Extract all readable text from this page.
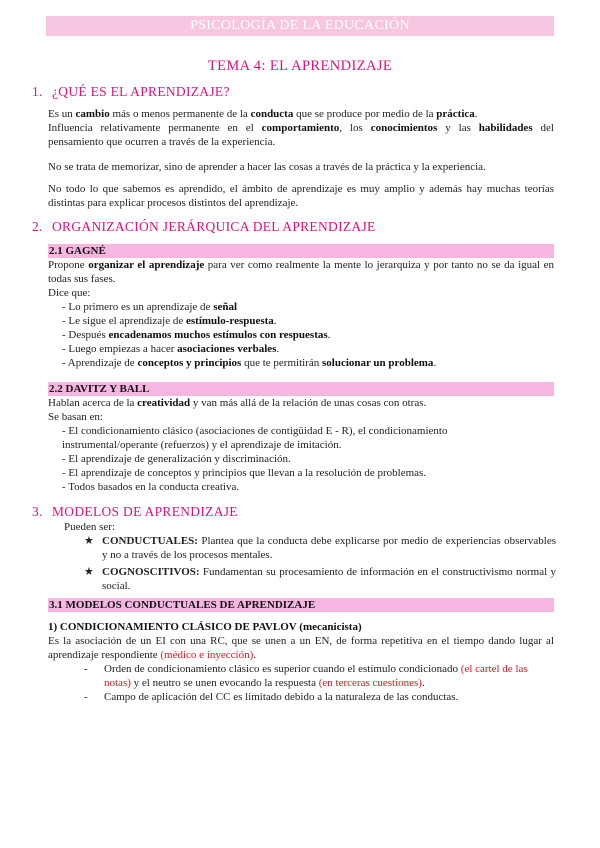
PSICOLOGÍA DE LA EDUCACIÓN
TEMA 4: EL APRENDIZAJE
1. ¿QUÉ ES EL APRENDIZAJE?
Es un cambio más o menos permanente de la conducta que se produce por medio de la práctica.
Influencia relativamente permanente en el comportamiento, los conocimientos y las habilidades del pensamiento que ocurren a través de la experiencia.
No se trata de memorizar, sino de aprender a hacer las cosas a través de la práctica y la experiencia.
No todo lo que sabemos es aprendido, el ámbito de aprendizaje es muy amplio y además hay muchas teorías distintas para explicar procesos distintos del aprendizaje.
2. ORGANIZACIÓN JERÁRQUICA DEL APRENDIZAJE
2.1 GAGNÉ
Propone organizar el aprendizaje para ver como realmente la mente lo jerarquiza y por tanto no se da igual en todas sus fases.
Dice que:
- Lo primero es un aprendizaje de señal
- Le sigue el aprendizaje de estímulo-respuesta.
- Después encadenamos muchos estímulos con respuestas.
- Luego empiezas a hacer asociaciones verbales.
- Aprendizaje de conceptos y principios que te permitirán solucionar un problema.
2.2 DAVITZ Y BALL
Hablan acerca de la creatividad y van más allá de la relación de unas cosas con otras.
Se basan en:
- El condicionamiento clásico (asociaciones de contigüidad E - R), el condicionamiento instrumental/operante (refuerzos) y el aprendizaje de imitación.
- El aprendizaje de generalización y discriminación.
- El aprendizaje de conceptos y principios que llevan a la resolución de problemas.
- Todos basados en la conducta creativa.
3. MODELOS DE APRENDIZAJE
Pueden ser:
★ CONDUCTUALES: Plantea que la conducta debe explicarse por medio de experiencias observables y no a través de los procesos mentales.
★ COGNOSCITIVOS: Fundamentan su procesamiento de información en el constructivismo normal y social.
3.1 MODELOS CONDUCTUALES DE APRENDIZAJE
1) CONDICIONAMIENTO CLÁSICO DE PAVLOV (mecanicista)
Es la asociación de un EI con una RC, que se unen a un EN, de forma repetitiva en el tiempo dando lugar al aprendizaje respondiente (médico e inyección).
- Orden de condicionamiento clásico es superior cuando el estímulo condicionado (el cartel de las notas) y el neutro se unen evocando la respuesta (en terceras cuestiones).
- Campo de aplicación del CC es limitado debido a la naturaleza de las conductas.
